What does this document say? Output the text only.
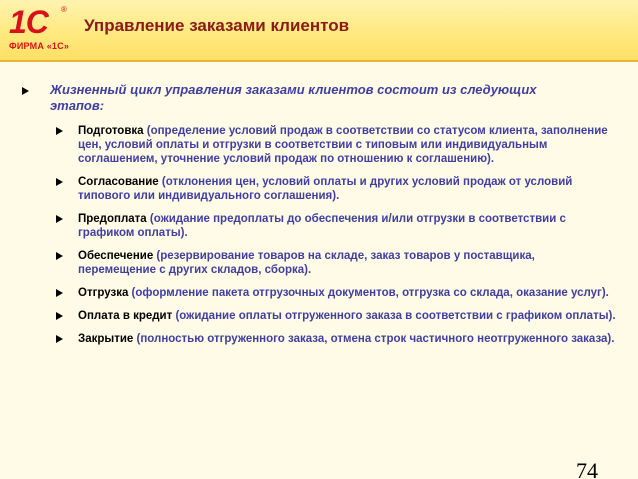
1С	®
ФИРМА «1С»
Управление заказами клиентов
Жизненный цикл управления заказами клиентов состоит из следующих этапов:
Подготовка (определение условий продаж в соответствии со статусом клиента, заполнение цен, условий оплаты и отгрузки в соответствии с типовым или индивидуальным соглашением, уточнение условий продаж по отношению к соглашению).
Согласование (отклонения цен, условий оплаты и других условий продаж от условий типового или индивидуального соглашения).
Предоплата (ожидание предоплаты до обеспечения и/или отгрузки в соответствии с графиком оплаты).
Обеспечение (резервирование товаров на складе, заказ товаров у поставщика, перемещение с других складов, сборка).
Отгрузка (оформление пакета отгрузочных документов, отгрузка со склада, оказание услуг).
Оплата в кредит (ожидание оплаты отгруженного заказа в соответствии с графиком оплаты).
Закрытие (полностью отгруженного заказа, отмена строк частичного неотгруженного заказа).
74
